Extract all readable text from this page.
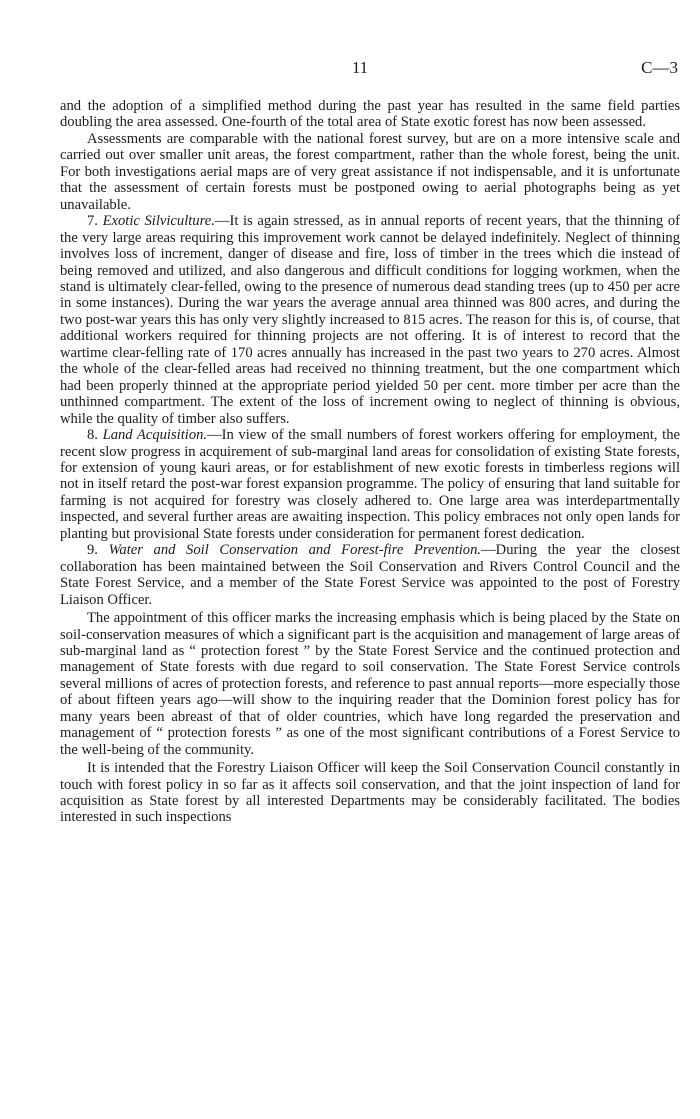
11	C—3

and the adoption of a simplified method during the past year has resulted in the same field parties doubling the area assessed. One-fourth of the total area of State exotic forest has now been assessed.

Assessments are comparable with the national forest survey, but are on a more intensive scale and carried out over smaller unit areas, the forest compartment, rather than the whole forest, being the unit. For both investigations aerial maps are of very great assistance if not indispensable, and it is unfortunate that the assessment of certain forests must be postponed owing to aerial photographs being as yet unavailable.

7. Exotic Silviculture.—It is again stressed, as in annual reports of recent years, that the thinning of the very large areas requiring this improvement work cannot be delayed indefinitely. Neglect of thinning involves loss of increment, danger of disease and fire, loss of timber in the trees which die instead of being removed and utilized, and also dangerous and difficult conditions for logging workmen, when the stand is ultimately clear-felled, owing to the presence of numerous dead standing trees (up to 450 per acre in some instances). During the war years the average annual area thinned was 800 acres, and during the two post-war years this has only very slightly increased to 815 acres. The reason for this is, of course, that additional workers required for thinning projects are not offering. It is of interest to record that the wartime clear-felling rate of 170 acres annually has increased in the past two years to 270 acres. Almost the whole of the clear-felled areas had received no thinning treatment, but the one compartment which had been properly thinned at the appropriate period yielded 50 per cent. more timber per acre than the unthinned compartment. The extent of the loss of increment owing to neglect of thinning is obvious, while the quality of timber also suffers.

8. Land Acquisition.—In view of the small numbers of forest workers offering for employment, the recent slow progress in acquirement of sub-marginal land areas for consolidation of existing State forests, for extension of young kauri areas, or for establishment of new exotic forests in timberless regions will not in itself retard the post-war forest expansion programme. The policy of ensuring that land suitable for farming is not acquired for forestry was closely adhered to. One large area was interdepartmentally inspected, and several further areas are awaiting inspection. This policy embraces not only open lands for planting but provisional State forests under consideration for permanent forest dedication.

9. Water and Soil Conservation and Forest-fire Prevention.—During the year the closest collaboration has been maintained between the Soil Conservation and Rivers Control Council and the State Forest Service, and a member of the State Forest Service was appointed to the post of Forestry Liaison Officer.

The appointment of this officer marks the increasing emphasis which is being placed by the State on soil-conservation measures of which a significant part is the acquisition and management of large areas of sub-marginal land as “ protection forest ” by the State Forest Service and the continued protection and management of State forests with due regard to soil conservation. The State Forest Service controls several millions of acres of protection forests, and reference to past annual reports—more especially those of about fifteen years ago—will show to the inquiring reader that the Dominion forest policy has for many years been abreast of that of older countries, which have long regarded the preservation and management of “ protection forests ” as one of the most significant contributions of a Forest Service to the well-being of the community.

It is intended that the Forestry Liaison Officer will keep the Soil Conservation Council constantly in touch with forest policy in so far as it affects soil conservation, and that the joint inspection of land for acquisition as State forest by all interested Departments may be considerably facilitated. The bodies interested in such inspections
